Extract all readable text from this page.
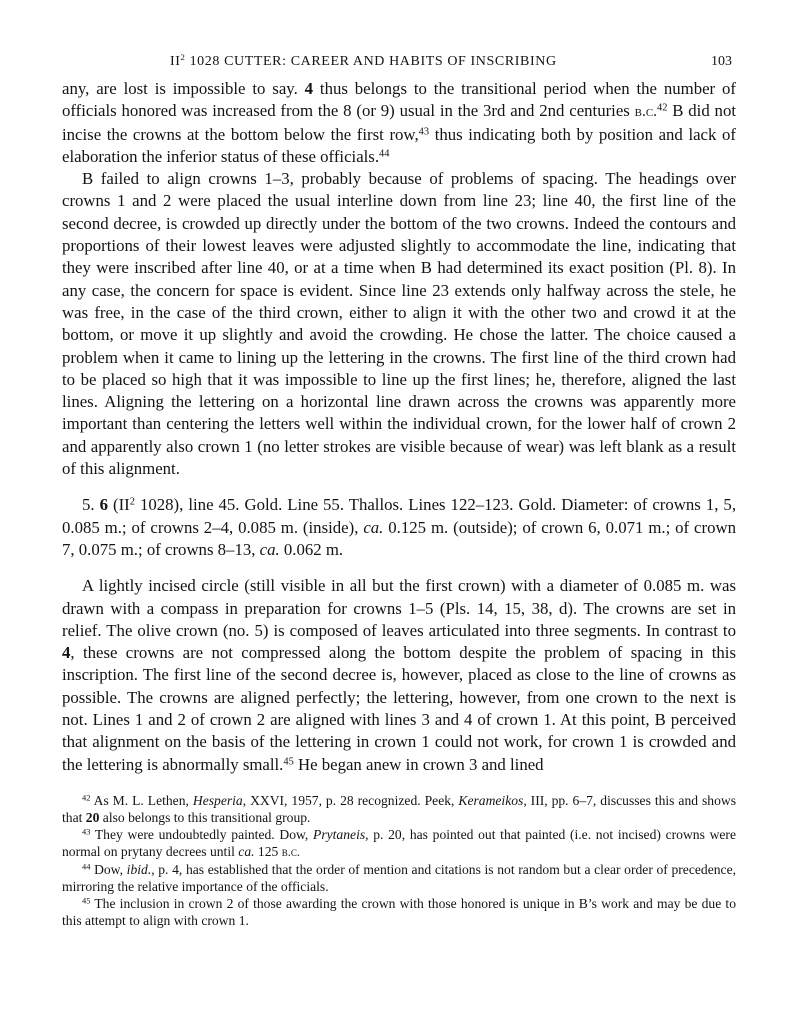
$II^2$ 1028 CUTTER: CAREER AND HABITS OF INSCRIBING	103

any, are lost is impossible to say. 4 thus belongs to the transitional period when the number of officials honored was increased from the 8 (or 9) usual in the 3rd and 2nd centuries b.c.$^{42}$ B did not incise the crowns at the bottom below the first row,$^{43}$ thus indicating both by position and lack of elaboration the inferior status of these officials.$^{44}$

B failed to align crowns 1–3, probably because of problems of spacing. The headings over crowns 1 and 2 were placed the usual interline down from line 23; line 40, the first line of the second decree, is crowded up directly under the bottom of the two crowns. Indeed the contours and proportions of their lowest leaves were adjusted slightly to accommodate the line, indicating that they were inscribed after line 40, or at a time when B had determined its exact position (Pl. 8). In any case, the concern for space is evident. Since line 23 extends only halfway across the stele, he was free, in the case of the third crown, either to align it with the other two and crowd it at the bottom, or move it up slightly and avoid the crowding. He chose the latter. The choice caused a problem when it came to lining up the lettering in the crowns. The first line of the third crown had to be placed so high that it was impossible to line up the first lines; he, therefore, aligned the last lines. Aligning the lettering on a horizontal line drawn across the crowns was apparently more important than centering the letters well within the individual crown, for the lower half of crown 2 and apparently also crown 1 (no letter strokes are visible because of wear) was left blank as a result of this alignment.

5. 6 ($II^2$ 1028), line 45. Gold. Line 55. Thallos. Lines 122–123. Gold. Diameter: of crowns 1, 5, 0.085 m.; of crowns 2–4, 0.085 m. (inside), ca. 0.125 m. (outside); of crown 6, 0.071 m.; of crown 7, 0.075 m.; of crowns 8–13, ca. 0.062 m.

A lightly incised circle (still visible in all but the first crown) with a diameter of 0.085 m. was drawn with a compass in preparation for crowns 1–5 (Pls. 14, 15, 38, d). The crowns are set in relief. The olive crown (no. 5) is composed of leaves articulated into three segments. In contrast to 4, these crowns are not compressed along the bottom despite the problem of spacing in this inscription. The first line of the second decree is, however, placed as close to the line of crowns as possible. The crowns are aligned perfectly; the lettering, however, from one crown to the next is not. Lines 1 and 2 of crown 2 are aligned with lines 3 and 4 of crown 1. At this point, B perceived that alignment on the basis of the lettering in crown 1 could not work, for crown 1 is crowded and the lettering is abnormally small.$^{45}$ He began anew in crown 3 and lined

$^{42}$ As M. L. Lethen, Hesperia, XXVI, 1957, p. 28 recognized. Peek, Kerameikos, III, pp. 6–7, discusses this and shows that 20 also belongs to this transitional group.

$^{43}$ They were undoubtedly painted. Dow, Prytaneis, p. 20, has pointed out that painted (i.e. not incised) crowns were normal on prytany decrees until ca. 125 b.c.

$^{44}$ Dow, ibid., p. 4, has established that the order of mention and citations is not random but a clear order of precedence, mirroring the relative importance of the officials.

$^{45}$ The inclusion in crown 2 of those awarding the crown with those honored is unique in B’s work and may be due to this attempt to align with crown 1.
